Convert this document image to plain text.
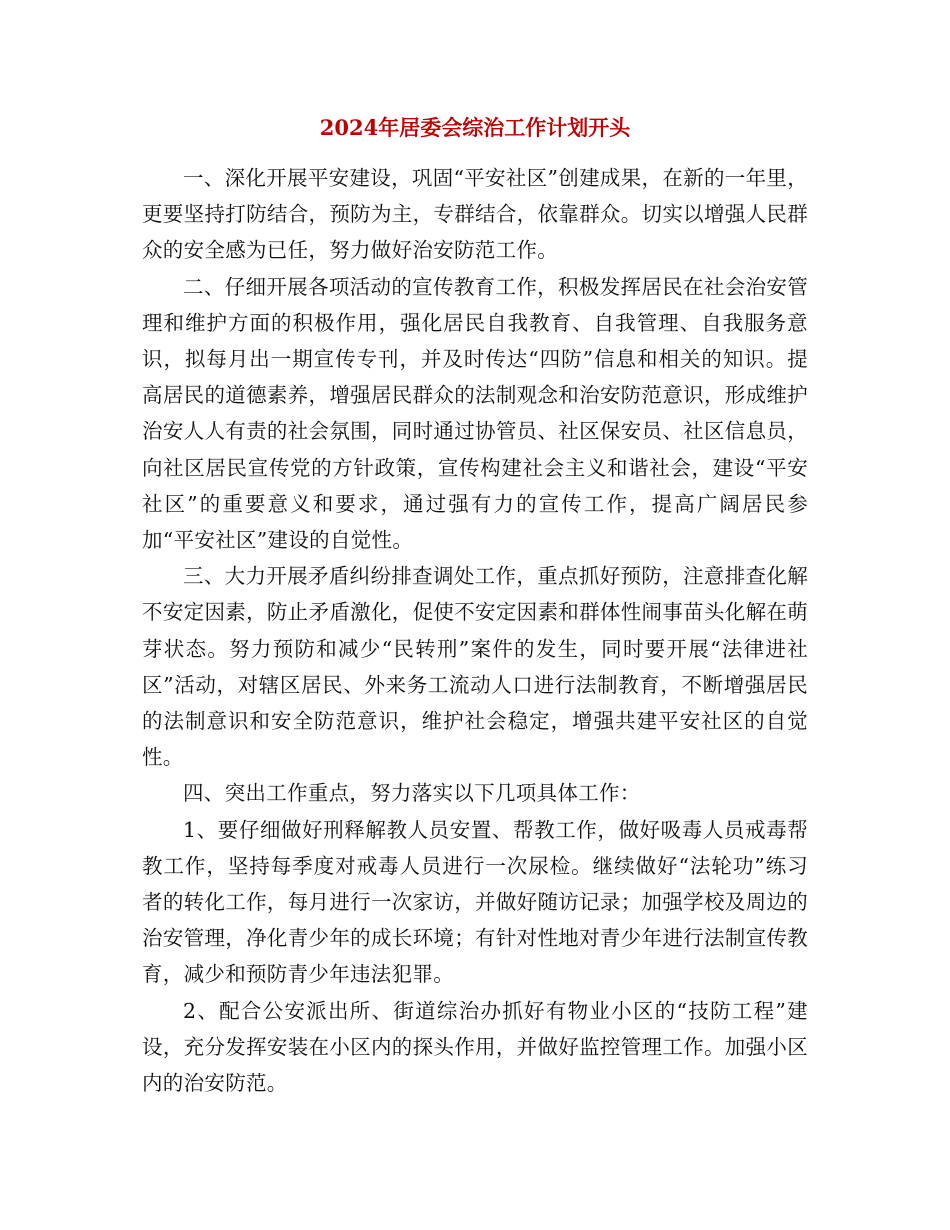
2024年居委会综治工作计划开头

一、深化开展平安建设，巩固“平安社区”创建成果，在新的一年里，更要坚持打防结合，预防为主，专群结合，依靠群众。切实以增强人民群众的安全感为已任，努力做好治安防范工作。

二、仔细开展各项活动的宣传教育工作，积极发挥居民在社会治安管理和维护方面的积极作用，强化居民自我教育、自我管理、自我服务意识，拟每月出一期宣传专刊，并及时传达“四防”信息和相关的知识。提高居民的道德素养，增强居民群众的法制观念和治安防范意识，形成维护治安人人有责的社会氛围，同时通过协管员、社区保安员、社区信息员，向社区居民宣传党的方针政策，宣传构建社会主义和谐社会，建设“平安社区”的重要意义和要求，通过强有力的宣传工作，提高广阔居民参加“平安社区”建设的自觉性。

三、大力开展矛盾纠纷排查调处工作，重点抓好预防，注意排查化解不安定因素，防止矛盾激化，促使不安定因素和群体性闹事苗头化解在萌芽状态。努力预防和减少“民转刑”案件的发生，同时要开展“法律进社区”活动，对辖区居民、外来务工流动人口进行法制教育，不断增强居民的法制意识和安全防范意识，维护社会稳定，增强共建平安社区的自觉性。

四、突出工作重点，努力落实以下几项具体工作：

1、要仔细做好刑释解教人员安置、帮教工作，做好吸毒人员戒毒帮教工作，坚持每季度对戒毒人员进行一次尿检。继续做好“法轮功”练习者的转化工作，每月进行一次家访，并做好随访记录；加强学校及周边的治安管理，净化青少年的成长环境；有针对性地对青少年进行法制宣传教育，减少和预防青少年违法犯罪。

2、配合公安派出所、街道综治办抓好有物业小区的“技防工程”建设，充分发挥安装在小区内的探头作用，并做好监控管理工作。加强小区内的治安防范。
